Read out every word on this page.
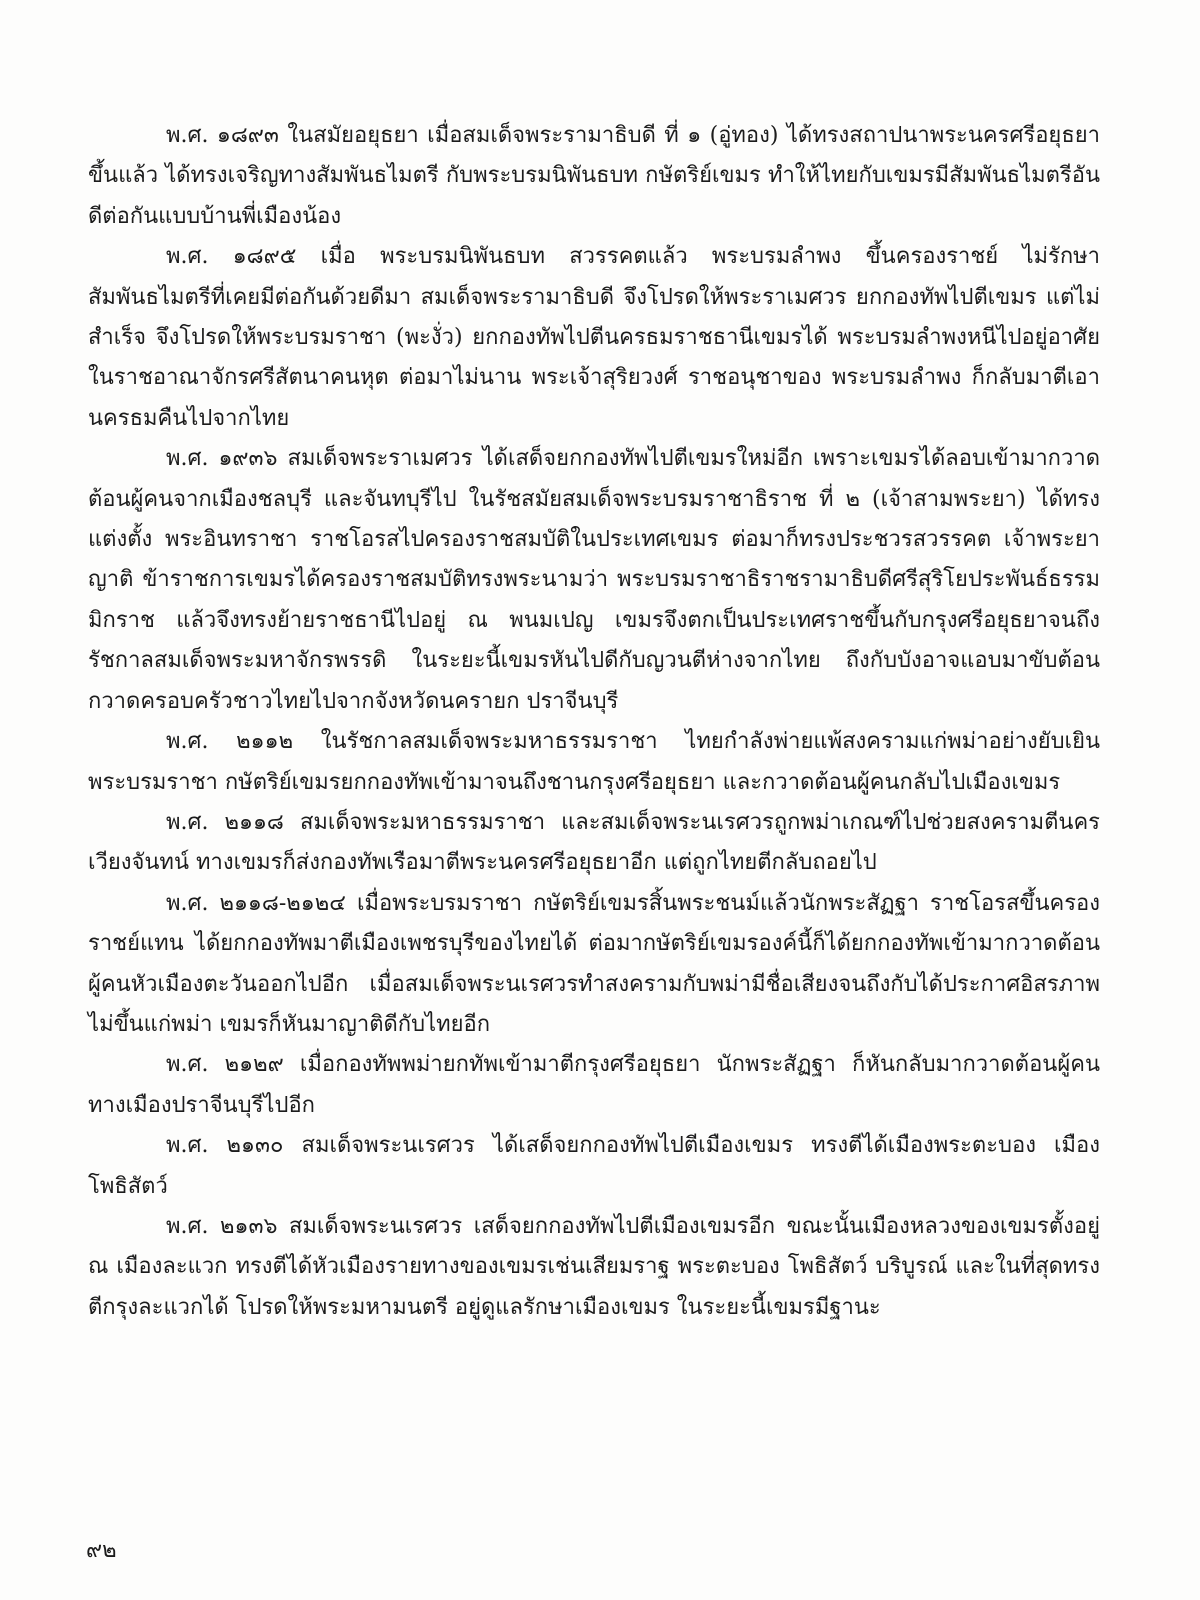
พ.ศ. ๑๘๙๓ ในสมัยอยุธยา เมื่อสมเด็จพระรามาธิบดี ที่ ๑ (อู่ทอง) ได้ทรงสถาปนาพระนครศรีอยุธยาขึ้นแล้ว ได้ทรงเจริญทางสัมพันธไมตรี กับพระบรมนิพันธบท กษัตริย์เขมร ทำให้ไทยกับเขมรมีสัมพันธไมตรีอันดีต่อกันแบบบ้านพี่เมืองน้อง

พ.ศ. ๑๘๙๕ เมื่อ พระบรมนิพันธบท สวรรคตแล้ว พระบรมลำพง ขึ้นครองราชย์ ไม่รักษาสัมพันธไมตรีที่เคยมีต่อกันด้วยดีมา สมเด็จพระรามาธิบดี จึงโปรดให้พระราเมศวร ยกกองทัพไปตีเขมร แต่ไม่สำเร็จ จึงโปรดให้พระบรมราชา (พะงั่ว) ยกกองทัพไปตีนครธมราชธานีเขมรได้ พระบรมลำพงหนีไปอยู่อาศัยในราชอาณาจักรศรีสัตนาคนหุต ต่อมาไม่นาน พระเจ้าสุริยวงศ์ ราชอนุชาของ พระบรมลำพง ก็กลับมาตีเอานครธมคืนไปจากไทย

พ.ศ. ๑๙๓๖ สมเด็จพระราเมศวร ได้เสด็จยกกองทัพไปตีเขมรใหม่อีก เพราะเขมรได้ลอบเข้ามากวาดต้อนผู้คนจากเมืองชลบุรี และจันทบุรีไป ในรัชสมัยสมเด็จพระบรมราชาธิราช ที่ ๒ (เจ้าสามพระยา) ได้ทรงแต่งตั้ง พระอินทราชา ราชโอรสไปครองราชสมบัติในประเทศเขมร ต่อมาก็ทรงประชวรสวรรคต เจ้าพระยาญาติ ข้าราชการเขมรได้ครองราชสมบัติทรงพระนามว่า พระบรมราชาธิราชรามาธิบดีศรีสุริโยประพันธ์ธรรมมิกราช แล้วจึงทรงย้ายราชธานีไปอยู่ ณ พนมเปญ เขมรจึงตกเป็นประเทศราชขึ้นกับกรุงศรีอยุธยาจนถึงรัชกาลสมเด็จพระมหาจักรพรรดิ ในระยะนี้เขมรหันไปดีกับญวนตีห่างจากไทย ถึงกับบังอาจแอบมาขับต้อนกวาดครอบครัวชาวไทยไปจากจังหวัดนครายก ปราจีนบุรี

พ.ศ. ๒๑๑๒ ในรัชกาลสมเด็จพระมหาธรรมราชา ไทยกำลังพ่ายแพ้สงครามแก่พม่าอย่างยับเยิน พระบรมราชา กษัตริย์เขมรยกกองทัพเข้ามาจนถึงชานกรุงศรีอยุธยา และกวาดต้อนผู้คนกลับไปเมืองเขมร

พ.ศ. ๒๑๑๘ สมเด็จพระมหาธรรมราชา และสมเด็จพระนเรศวรถูกพม่าเกณฑ์ไปช่วยสงครามตีนครเวียงจันทน์ ทางเขมรก็ส่งกองทัพเรือมาตีพระนครศรีอยุธยาอีก แต่ถูกไทยตีกลับถอยไป

พ.ศ. ๒๑๑๘-๒๑๒๔ เมื่อพระบรมราชา กษัตริย์เขมรสิ้นพระชนม์แล้วนักพระสัฏฐา ราชโอรสขึ้นครองราชย์แทน ได้ยกกองทัพมาตีเมืองเพชรบุรีของไทยได้ ต่อมากษัตริย์เขมรองค์นี้ก็ได้ยกกองทัพเข้ามากวาดต้อนผู้คนหัวเมืองตะวันออกไปอีก เมื่อสมเด็จพระนเรศวรทำสงครามกับพม่ามีชื่อเสียงจนถึงกับได้ประกาศอิสรภาพไม่ขึ้นแก่พม่า เขมรก็หันมาญาติดีกับไทยอีก

พ.ศ. ๒๑๒๙ เมื่อกองทัพพม่ายกทัพเข้ามาตีกรุงศรีอยุธยา นักพระสัฏฐา ก็หันกลับมากวาดต้อนผู้คนทางเมืองปราจีนบุรีไปอีก

พ.ศ. ๒๑๓๐ สมเด็จพระนเรศวร ได้เสด็จยกกองทัพไปตีเมืองเขมร ทรงตีได้เมืองพระตะบอง เมืองโพธิสัตว์

พ.ศ. ๒๑๓๖ สมเด็จพระนเรศวร เสด็จยกกองทัพไปตีเมืองเขมรอีก ขณะนั้นเมืองหลวงของเขมรตั้งอยู่ ณ เมืองละแวก ทรงตีได้หัวเมืองรายทางของเขมรเช่นเสียมราฐ พระตะบอง โพธิสัตว์ บริบูรณ์ และในที่สุดทรงตีกรุงละแวกได้ โปรดให้พระมหามนตรี อยู่ดูแลรักษาเมืองเขมร ในระยะนี้เขมรมีฐานะ

๙๒
